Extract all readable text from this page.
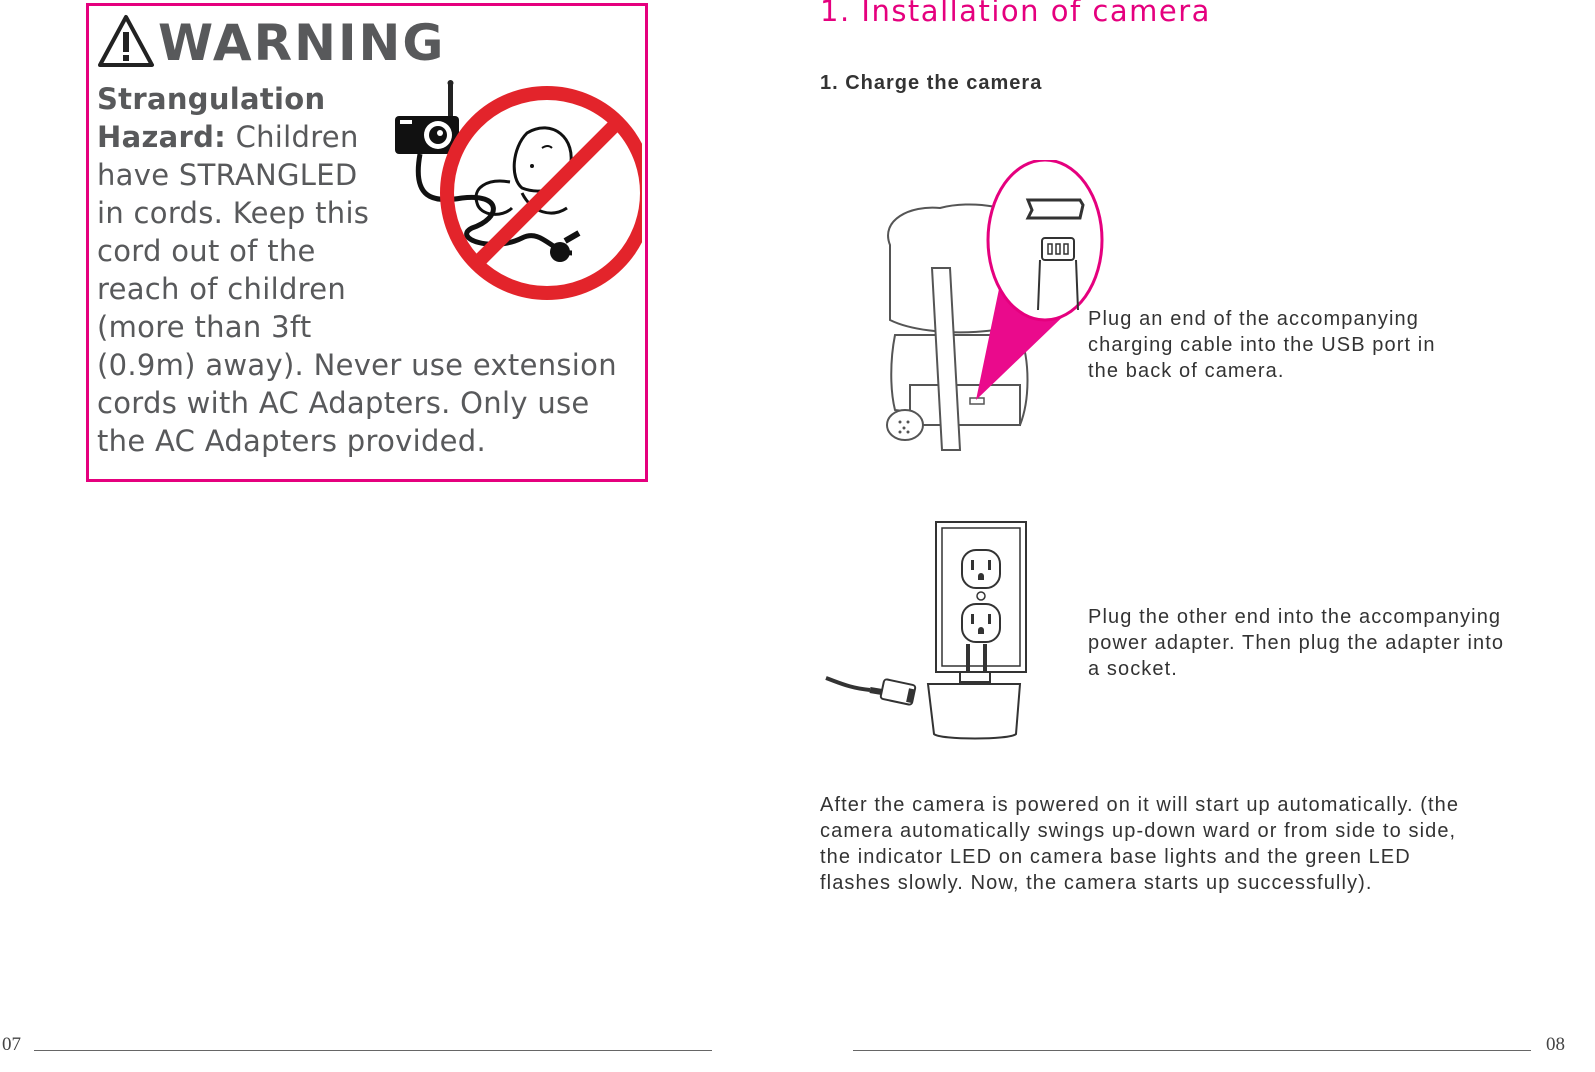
WARNING
Strangulation
Hazard: Children
have STRANGLED
in cords. Keep this
cord out of the
reach of children
(more than 3ft
(0.9m) away). Never use extension
cords with AC Adapters. Only use
the AC Adapters provided.
07
1. Installation of camera
1. Charge the camera
Plug an end of the accompanying
charging cable into the USB port in
the back of camera.
Plug the other end into the accompanying
power adapter. Then plug the adapter into
a socket.
After the camera is powered on it will start up automatically. (the
camera automatically swings up-down ward or from side to side,
the indicator LED on camera base lights and the green LED
flashes slowly. Now, the camera starts up successfully).
08
